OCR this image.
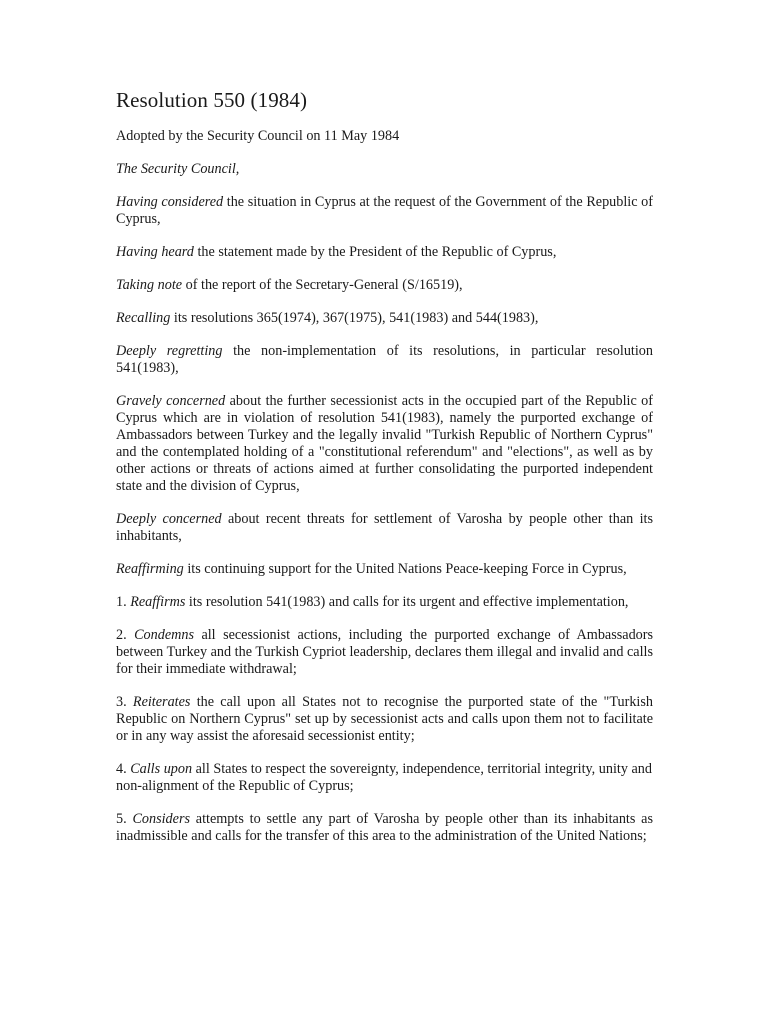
Resolution 550 (1984)

Adopted by the Security Council on 11 May 1984

The Security Council,

Having considered the situation in Cyprus at the request of the Government of the Republic of Cyprus,

Having heard the statement made by the President of the Republic of Cyprus,

Taking note of the report of the Secretary-General (S/16519),

Recalling its resolutions 365(1974), 367(1975), 541(1983) and 544(1983),

Deeply regretting the non-implementation of its resolutions, in particular resolution 541(1983),

Gravely concerned about the further secessionist acts in the occupied part of the Republic of Cyprus which are in violation of resolution 541(1983), namely the purported exchange of Ambassadors between Turkey and the legally invalid "Turkish Republic of Northern Cyprus" and the contemplated holding of a "constitutional referendum" and "elections", as well as by other actions or threats of actions aimed at further consolidating the purported independent state and the division of Cyprus,

Deeply concerned about recent threats for settlement of Varosha by people other than its inhabitants,

Reaffirming its continuing support for the United Nations Peace-keeping Force in Cyprus,

1. Reaffirms its resolution 541(1983) and calls for its urgent and effective implementation,

2. Condemns all secessionist actions, including the purported exchange of Ambassadors between Turkey and the Turkish Cypriot leadership, declares them illegal and invalid and calls for their immediate withdrawal;

3. Reiterates the call upon all States not to recognise the purported state of the "Turkish Republic on Northern Cyprus" set up by secessionist acts and calls upon them not to facilitate or in any way assist the aforesaid secessionist entity;

4. Calls upon all States to respect the sovereignty, independence, territorial integrity, unity and non-alignment of the Republic of Cyprus;

5. Considers attempts to settle any part of Varosha by people other than its inhabitants as inadmissible and calls for the transfer of this area to the administration of the United Nations;
